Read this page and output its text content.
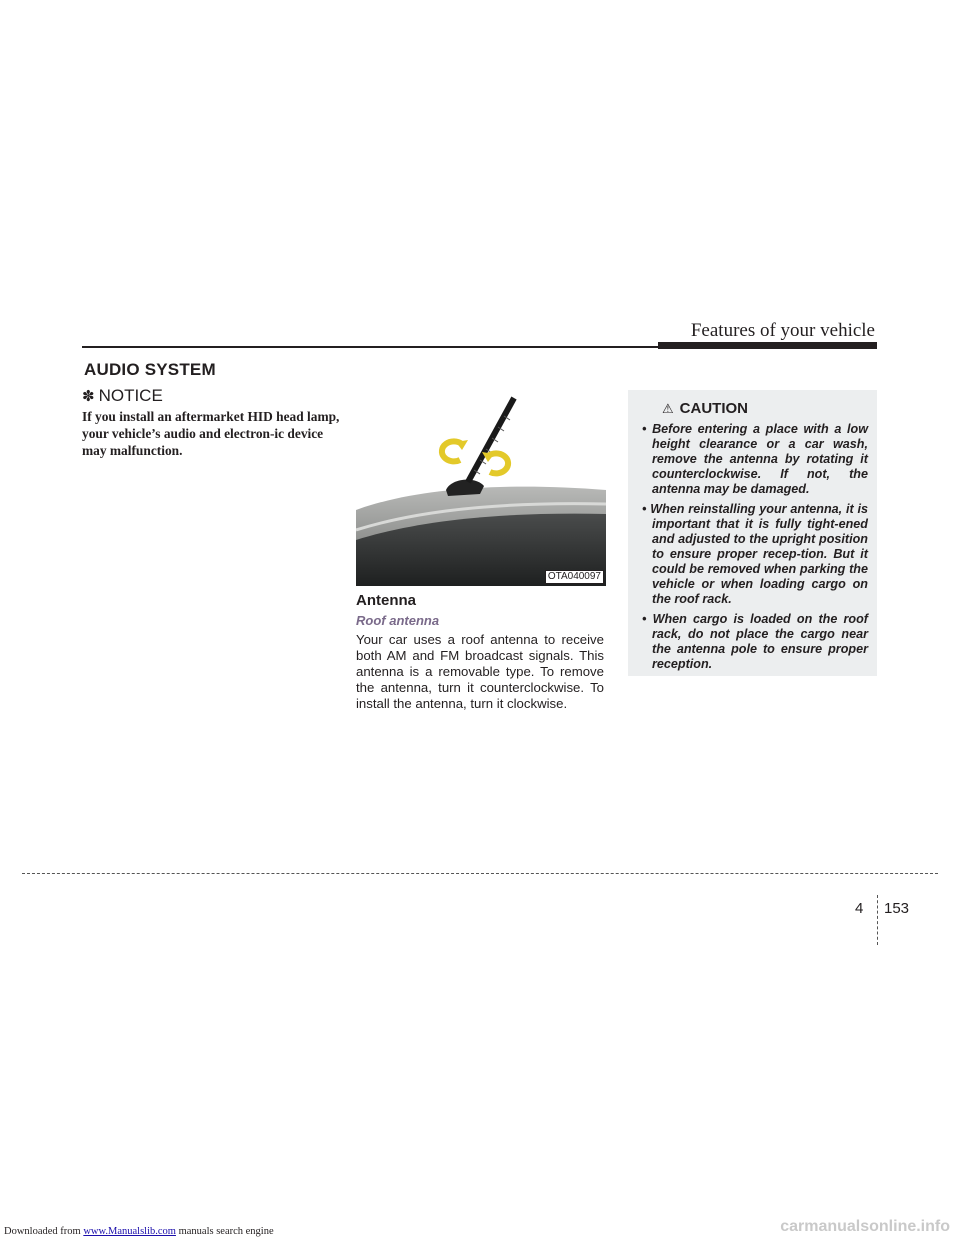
Features of your vehicle
AUDIO SYSTEM
✽ NOTICE
If you install an aftermarket HID head lamp, your vehicle’s audio and electron-ic device may malfunction.
OTA040097
Antenna
Roof antenna
Your car uses a roof antenna to receive both AM and FM broadcast signals. This antenna is a removable type. To remove the antenna, turn it counterclockwise. To install the antenna, turn it clockwise.
⚠ CAUTION
• Before entering a place with a low height clearance or a car wash, remove the antenna by rotating it counterclockwise. If not, the antenna may be damaged.
• When reinstalling your antenna, it is important that it is fully tight-ened and adjusted to the upright position to ensure proper recep-tion. But it could be removed when parking the vehicle or when loading cargo on the roof rack.
• When cargo is loaded on the roof rack, do not place the cargo near the antenna pole to ensure proper reception.
4 153
Downloaded from www.Manualslib.com manuals search engine	carmanualsonline.info
